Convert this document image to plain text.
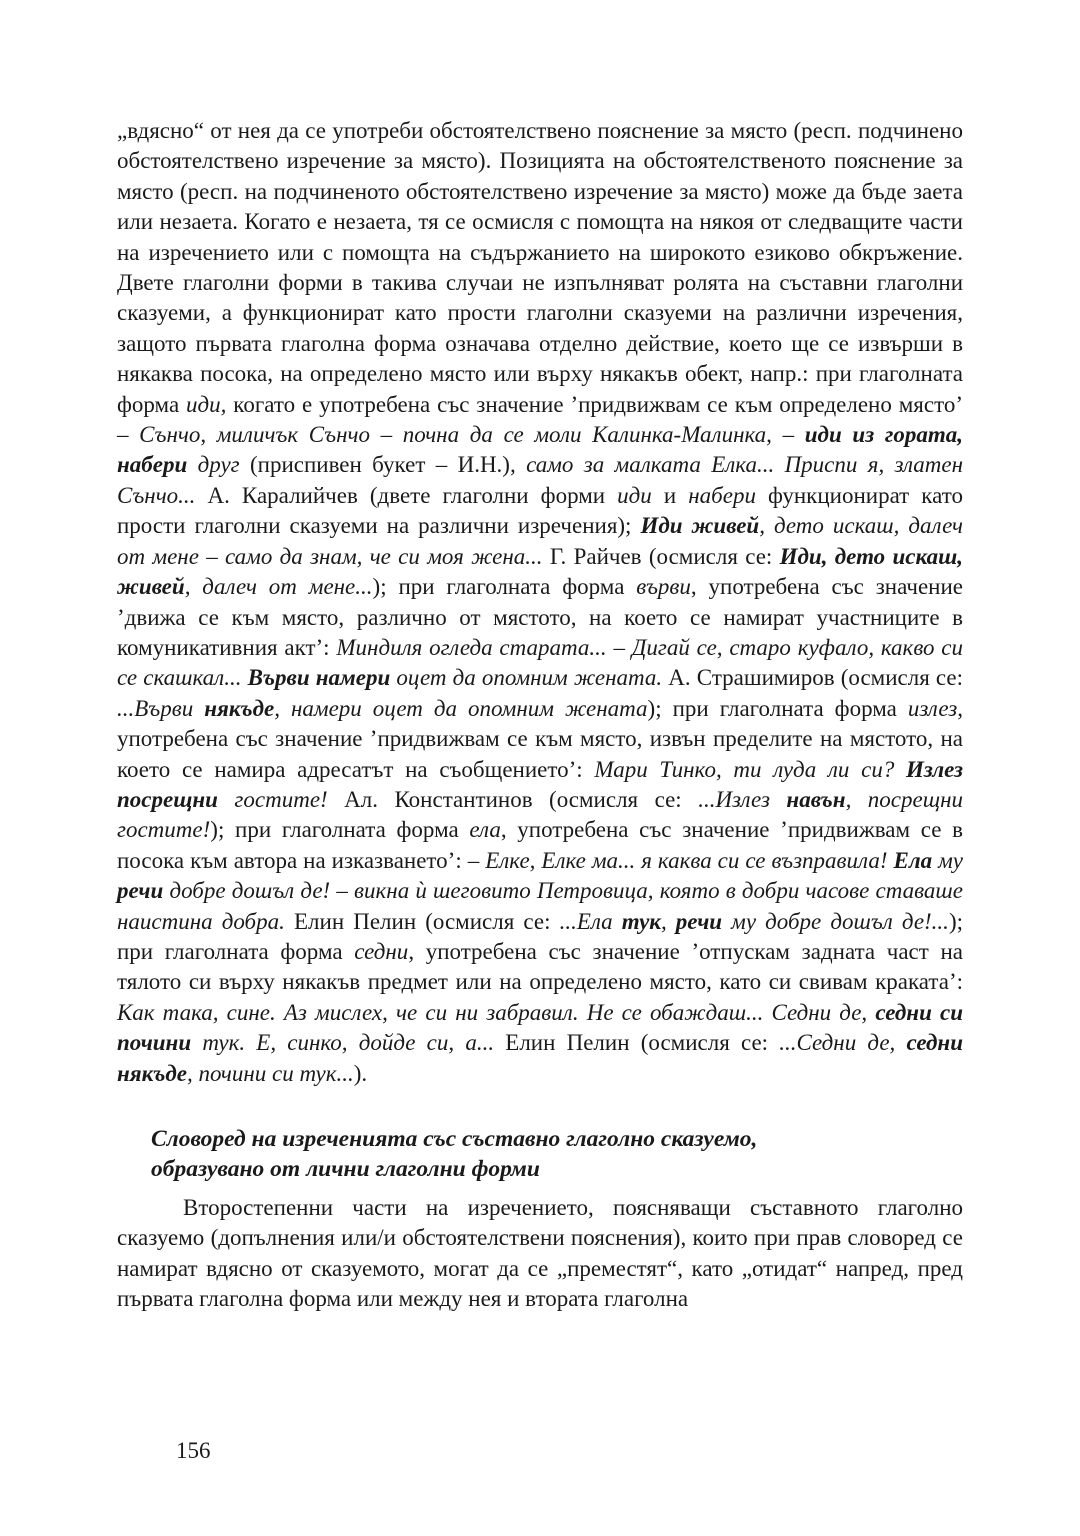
„вдясно“ от нея да се употреби обстоятелствено пояснение за място (респ. подчинено обстоятелствено изречение за място). Позицията на обстоятелственото пояснение за място (респ. на подчиненото обстоятелствено изречение за място) може да бъде заета или незаета. Когато е незаета, тя се осмисля с помощта на някоя от следващите части на изречението или с помощта на съдържанието на широкото езиково обкръжение. Двете глаголни форми в такива случаи не изпълняват ролята на съставни глаголни сказуеми, а функционират като прости глаголни сказуеми на различни изречения, защото първата глаголна форма означава отделно действие, което ще се извърши в някаква посока, на определено място или върху някакъв обект, напр.: при глаголната форма иди, когато е употребена със значение ’придвижвам се към определено място’ – Сънчо, миличък Сънчо – почна да се моли Калинка-Малинка, – иди из гората, набери друг (приспивен букет – И.Н.), само за малката Елка... Приспи я, златен Сънчо... А. Каралийчев (двете глаголни форми иди и набери функционират като прости глаголни сказуеми на различни изречения); Иди живей, дето искаш, далеч от мене – само да знам, че си моя жена... Г. Райчев (осмисля се: Иди, дето искаш, живей, далеч от мене...); при глаголната форма върви, употребена със значение ’движа се към място, различно от мястото, на което се намират участниците в комуникативния акт’: Миндиля огледа старата... – Дигай се, старо куфало, какво си се скашкал... Върви намери оцет да опомним жената. А. Страшимиров (осмисля се: ...Върви някъде, намери оцет да опомним жената); при глаголната форма излез, употребена със значение ’придвижвам се към място, извън пределите на мястото, на което се намира адресатът на съобщението’: Мари Тинко, ти луда ли си? Излез посрещни гостите! Ал. Константинов (осмисля се: ...Излез навън, посрещни гостите!); при глаголната форма ела, употребена със значение ’придвижвам се в посока към автора на изказването’: – Елке, Елке ма... я каква си се възправила! Ела му речи добре дошъл де! – викна ѝ шеговито Петровица, която в добри часове ставаше наистина добра. Елин Пелин (осмисля се: ...Ела тук, речи му добре дошъл де!...); при глаголната форма седни, употребена със значение ’отпускам задната част на тялото си върху някакъв предмет или на определено място, като си свивам краката’: Как така, сине. Аз мислех, че си ни забравил. Не се обаждаш... Седни де, седни си почини тук. Е, синко, дойде си, а... Елин Пелин (осмисля се: ...Седни де, седни някъде, почини си тук...).

Словоред на изреченията със съставно глаголно сказуемо,
образувано от лични глаголни форми

Второстепенни части на изречението, поясняващи съставното глаголно сказуемо (допълнения или/и обстоятелствени пояснения), които при прав словоред се намират вдясно от сказуемото, могат да се „преместят“, като „отидат“ напред, пред първата глаголна форма или между нея и втората глаголна

156
